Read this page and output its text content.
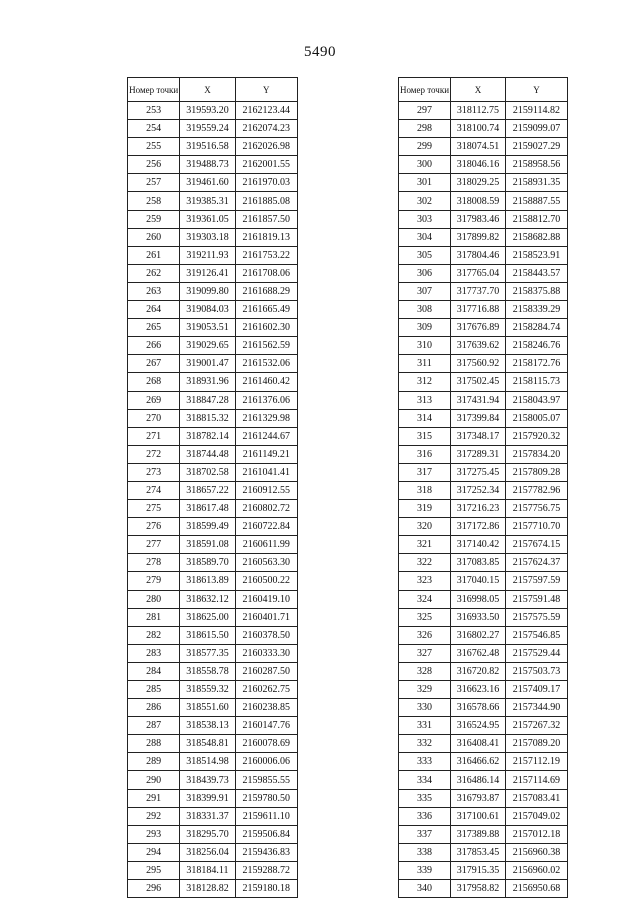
5490
Номер точки	X	Y
253	319593.20	2162123.44
254	319559.24	2162074.23
255	319516.58	2162026.98
256	319488.73	2162001.55
257	319461.60	2161970.03
258	319385.31	2161885.08
259	319361.05	2161857.50
260	319303.18	2161819.13
261	319211.93	2161753.22
262	319126.41	2161708.06
263	319099.80	2161688.29
264	319084.03	2161665.49
265	319053.51	2161602.30
266	319029.65	2161562.59
267	319001.47	2161532.06
268	318931.96	2161460.42
269	318847.28	2161376.06
270	318815.32	2161329.98
271	318782.14	2161244.67
272	318744.48	2161149.21
273	318702.58	2161041.41
274	318657.22	2160912.55
275	318617.48	2160802.72
276	318599.49	2160722.84
277	318591.08	2160611.99
278	318589.70	2160563.30
279	318613.89	2160500.22
280	318632.12	2160419.10
281	318625.00	2160401.71
282	318615.50	2160378.50
283	318577.35	2160333.30
284	318558.78	2160287.50
285	318559.32	2160262.75
286	318551.60	2160238.85
287	318538.13	2160147.76
288	318548.81	2160078.69
289	318514.98	2160006.06
290	318439.73	2159855.55
291	318399.91	2159780.50
292	318331.37	2159611.10
293	318295.70	2159506.84
294	318256.04	2159436.83
295	318184.11	2159288.72
296	318128.82	2159180.18
Номер точки	X	Y
297	318112.75	2159114.82
298	318100.74	2159099.07
299	318074.51	2159027.29
300	318046.16	2158958.56
301	318029.25	2158931.35
302	318008.59	2158887.55
303	317983.46	2158812.70
304	317899.82	2158682.88
305	317804.46	2158523.91
306	317765.04	2158443.57
307	317737.70	2158375.88
308	317716.88	2158339.29
309	317676.89	2158284.74
310	317639.62	2158246.76
311	317560.92	2158172.76
312	317502.45	2158115.73
313	317431.94	2158043.97
314	317399.84	2158005.07
315	317348.17	2157920.32
316	317289.31	2157834.20
317	317275.45	2157809.28
318	317252.34	2157782.96
319	317216.23	2157756.75
320	317172.86	2157710.70
321	317140.42	2157674.15
322	317083.85	2157624.37
323	317040.15	2157597.59
324	316998.05	2157591.48
325	316933.50	2157575.59
326	316802.27	2157546.85
327	316762.48	2157529.44
328	316720.82	2157503.73
329	316623.16	2157409.17
330	316578.66	2157344.90
331	316524.95	2157267.32
332	316408.41	2157089.20
333	316466.62	2157112.19
334	316486.14	2157114.69
335	316793.87	2157083.41
336	317100.61	2157049.02
337	317389.88	2157012.18
338	317853.45	2156960.38
339	317915.35	2156960.02
340	317958.82	2156950.68
